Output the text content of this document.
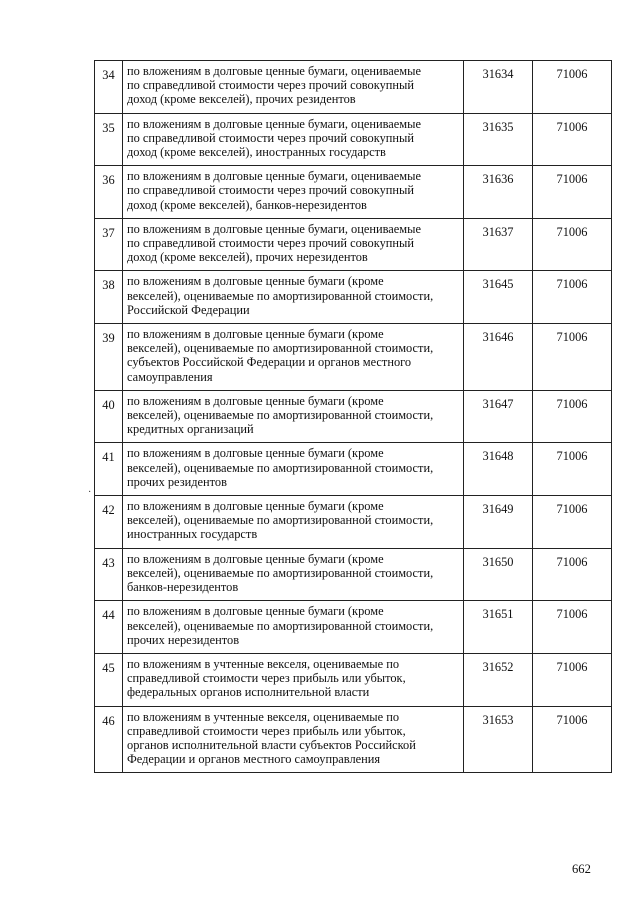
34	по вложениям в долговые ценные бумаги, оцениваемые
по справедливой стоимости через прочий совокупный
доход (кроме векселей), прочих резидентов	31634	71006
35	по вложениям в долговые ценные бумаги, оцениваемые
по справедливой стоимости через прочий совокупный
доход (кроме векселей), иностранных государств	31635	71006
36	по вложениям в долговые ценные бумаги, оцениваемые
по справедливой стоимости через прочий совокупный
доход (кроме векселей), банков-нерезидентов	31636	71006
37	по вложениям в долговые ценные бумаги, оцениваемые
по справедливой стоимости через прочий совокупный
доход (кроме векселей), прочих нерезидентов	31637	71006
38	по вложениям в долговые ценные бумаги (кроме
векселей), оцениваемые по амортизированной стоимости,
Российской Федерации	31645	71006
39	по вложениям в долговые ценные бумаги (кроме
векселей), оцениваемые по амортизированной стоимости,
субъектов Российской Федерации и органов местного
самоуправления	31646	71006
40	по вложениям в долговые ценные бумаги (кроме
векселей), оцениваемые по амортизированной стоимости,
кредитных организаций	31647	71006
41	по вложениям в долговые ценные бумаги (кроме
векселей), оцениваемые по амортизированной стоимости,
прочих резидентов	31648	71006
42	по вложениям в долговые ценные бумаги (кроме
векселей), оцениваемые по амортизированной стоимости,
иностранных государств	31649	71006
43	по вложениям в долговые ценные бумаги (кроме
векселей), оцениваемые по амортизированной стоимости,
банков-нерезидентов	31650	71006
44	по вложениям в долговые ценные бумаги (кроме
векселей), оцениваемые по амортизированной стоимости,
прочих нерезидентов	31651	71006
45	по вложениям в учтенные векселя, оцениваемые по
справедливой стоимости через прибыль или убыток,
федеральных органов исполнительной власти	31652	71006
46	по вложениям в учтенные векселя, оцениваемые по
справедливой стоимости через прибыль или убыток,
органов исполнительной власти субъектов Российской
Федерации и органов местного самоуправления	31653	71006
·
662
